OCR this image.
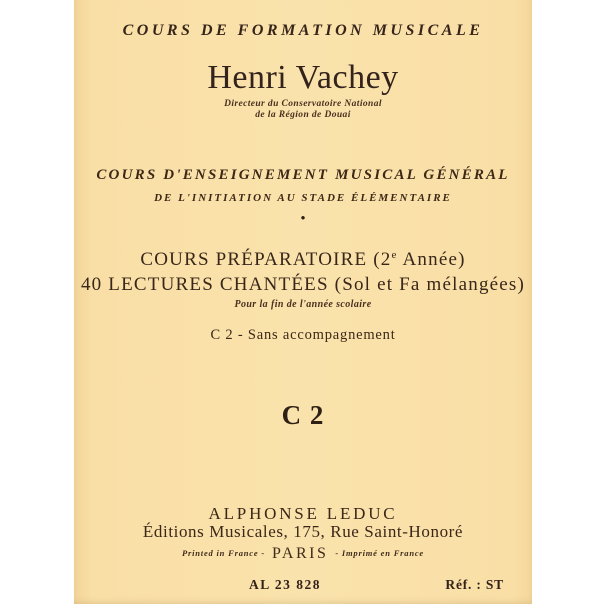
COURS DE FORMATION MUSICALE
Henri Vachey
Directeur du Conservatoire National
de la Région de Douai
COURS D'ENSEIGNEMENT MUSICAL GÉNÉRAL
DE L'INITIATION AU STADE ÉLÉMENTAIRE
•
COURS PRÉPARATOIRE (2e Année)
40 LECTURES CHANTÉES (Sol et Fa mélangées)
Pour la fin de l'année scolaire
C 2 - Sans accompagnement
C 2
ALPHONSE LEDUC
Éditions Musicales, 175, Rue Saint-Honoré
Printed in France - PARIS - Imprimé en France
AL 23 828	Réf. : ST
